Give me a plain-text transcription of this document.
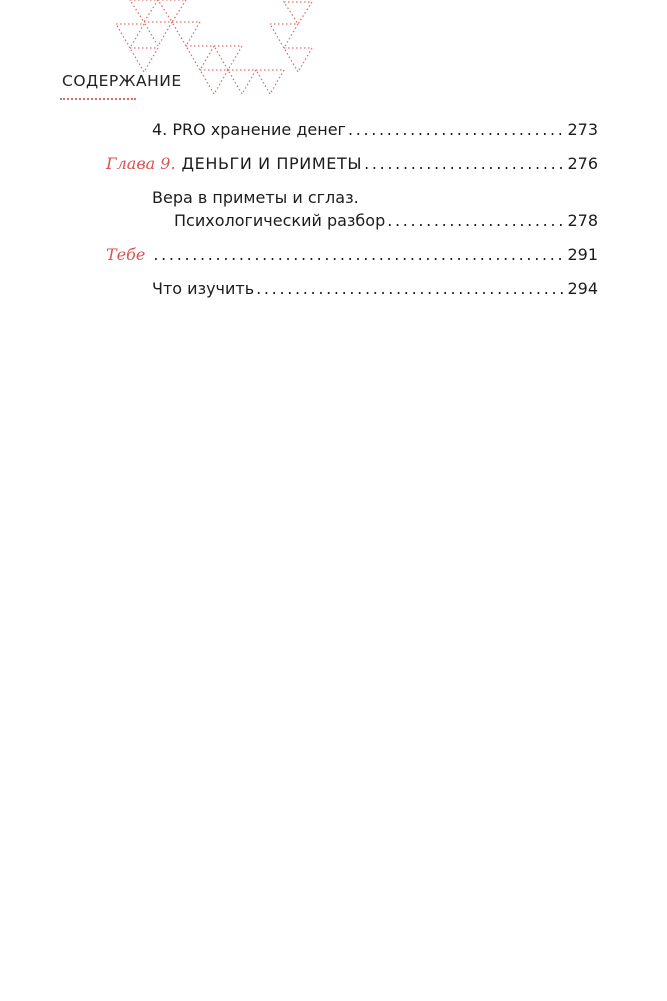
СОДЕРЖАНИЕ
4. PRO хранение денег . . .	273
Глава 9. ДЕНЬГИ И ПРИМЕТЫ . . .	276
Вера в приметы и сглаз.
Психологический разбор . . .	278
Тебе . . .	291
Что изучить . . .	294
